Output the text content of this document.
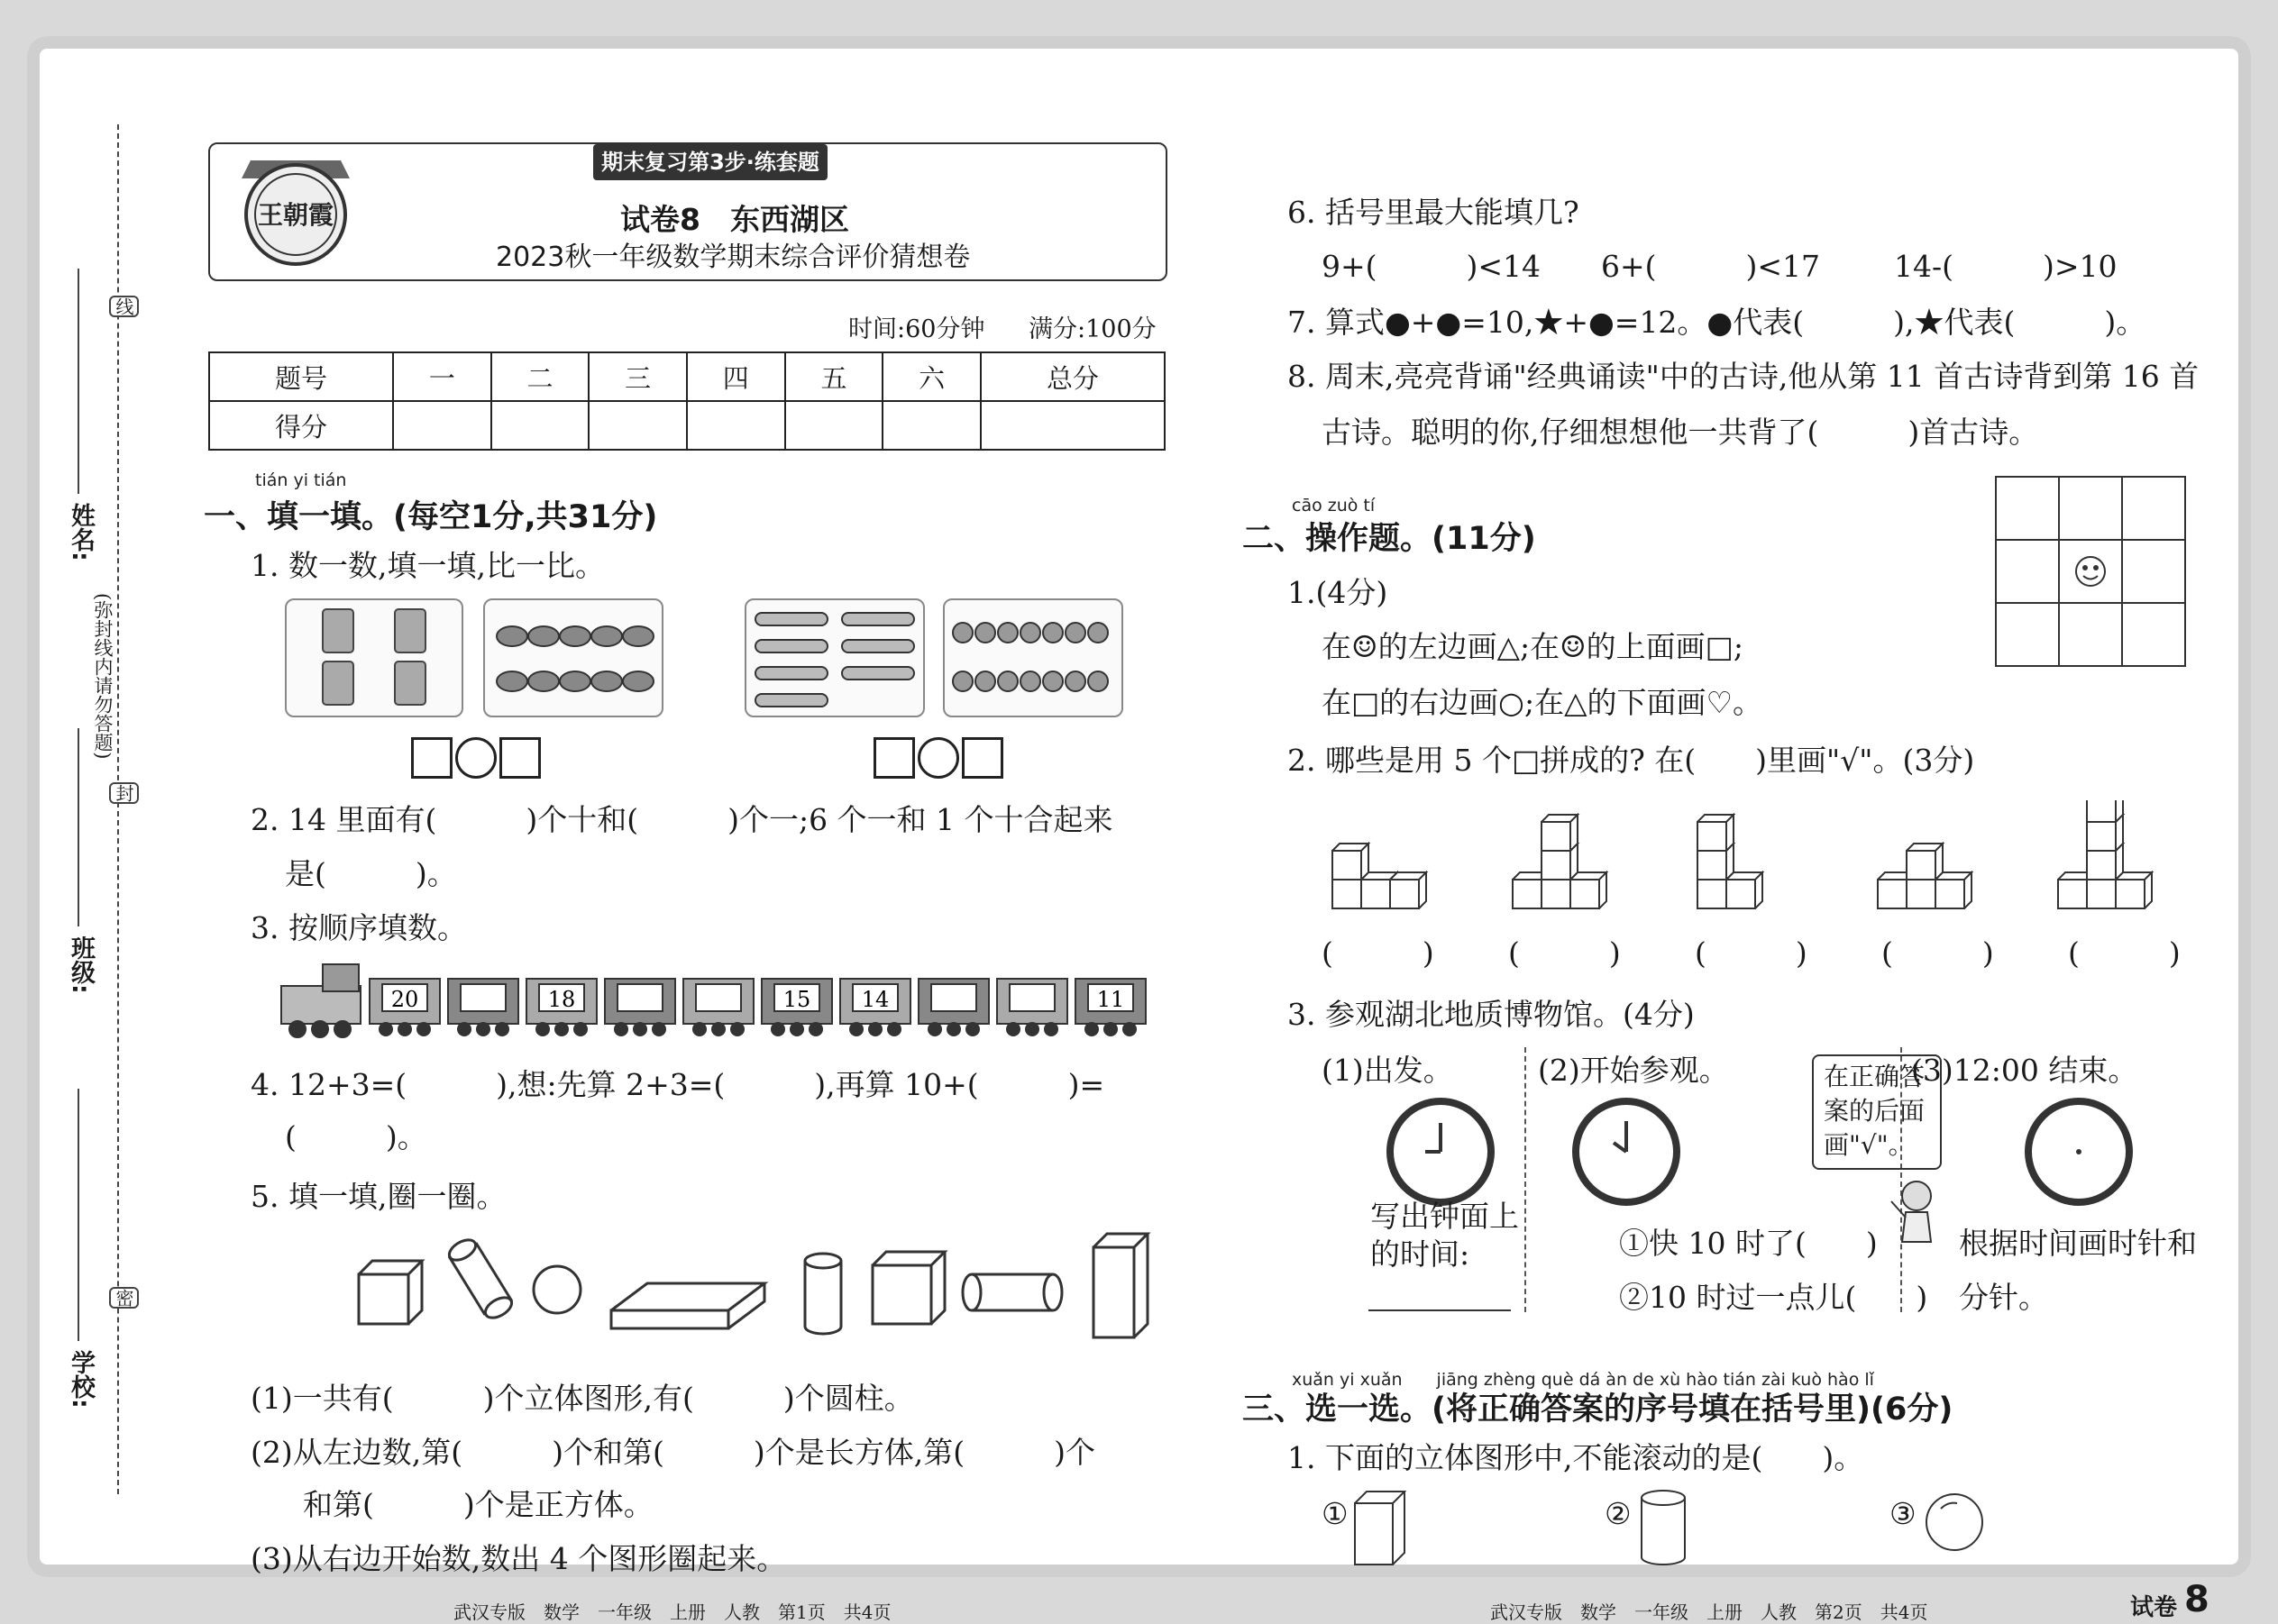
线
封
密
姓名:
(弥封线内请勿答题)
班级:
学校:
王朝霞
期末复习第3步·练套题
试卷8　东西湖区
2023秋一年级数学期末综合评价猜想卷
时间:60分钟 满分:100分
题号	一	二	三	四	五	六	总分
得分							
tián yi tián
一、填一填。(每空1分,共31分)
1. 数一数,填一填,比一比。
2. 14 里面有(　　　)个十和(　　　)个一;6 个一和 1 个十合起来
是(　　　)。
3. 按顺序填数。
20	18	15 14	11
4. 12+3=(　　　),想:先算 2+3=(　　　),再算 10+(　　　)=
(　　　)。
5. 填一填,圈一圈。
(1)一共有(　　　)个立体图形,有(　　　)个圆柱。
(2)从左边数,第(　　　)个和第(　　　)个是长方体,第(　　　)个
和第(　　　)个是正方体。
(3)从右边开始数,数出 4 个图形圈起来。
武汉专版　数学　一年级　上册　人教　第1页　共4页
6. 括号里最大能填几?
9+(　　　)<14 6+(　　　)<17 14-(　　　)>10
7. 算式●+●=10,★+●=12。●代表(　　　),★代表(　　　)。
8. 周末,亮亮背诵"经典诵读"中的古诗,他从第 11 首古诗背到第 16 首
古诗。聪明的你,仔细想想他一共背了(　　　)首古诗。
cāo zuò tí
二、操作题。(11分)
1.(4分)
在☺的左边画△;在☺的上面画□;
在□的右边画○;在△的下面画♡。
2. 哪些是用 5 个□拼成的? 在(　　)里画"√"。(3分)
(　　　) (　　　) (　　　) (　　　) (　　　)
3. 参观湖北地质博物馆。(4分)
(1)出发。
写出钟面上
的时间:
(2)开始参观。	在正确答
案的后面
画"√"。
①快 10 时了(　　)
②10 时过一点儿(　　)
(3)12:00 结束。
根据时间画时针和
分针。
xuǎn yi xuǎn　　jiāng zhèng què dá àn de xù hào tián zài kuò hào lǐ
三、选一选。(将正确答案的序号填在括号里)(6分)
1. 下面的立体图形中,不能滚动的是(　　)。
①	②	③
武汉专版　数学　一年级　上册　人教　第2页　共4页	试卷 8
